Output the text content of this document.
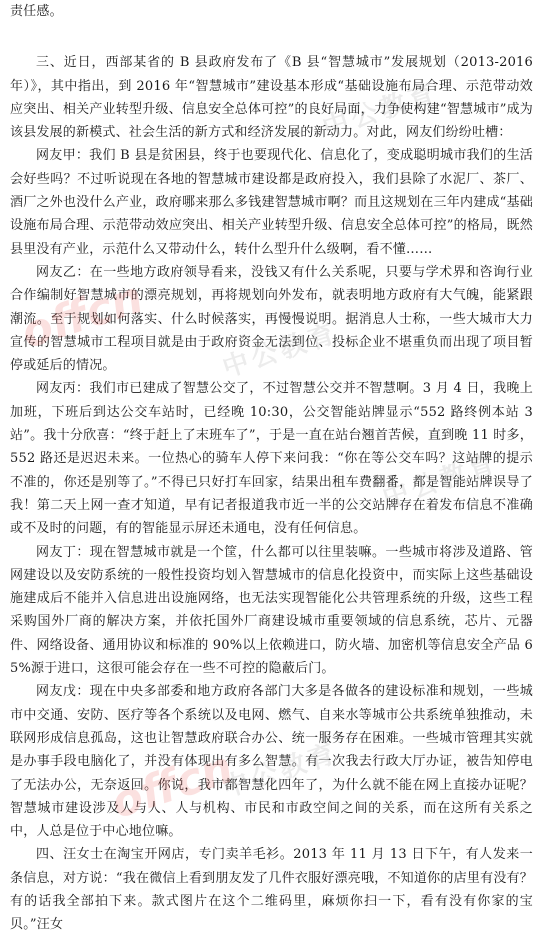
责任感。

三、近日，西部某省的 B 县政府发布了《B 县“智慧城市”发展规划（2013-2016 年）》，其中指出，到 2016 年“智慧城市”建设基本形成“基础设施布局合理、示范带动效应突出、相关产业转型升级、信息安全总体可控”的良好局面，力争使构建“智慧城市”成为该县发展的新模式、社会生活的新方式和经济发展的新动力。对此，网友们纷纷吐槽：

网友甲：我们 B 县是贫困县，终于也要现代化、信息化了，变成聪明城市我们的生活会好些吗？不过听说现在各地的智慧城市建设都是政府投入，我们县除了水泥厂、茶厂、酒厂之外也没什么产业，政府哪来那么多钱建智慧城市啊？而且这规划在三年内建成“基础设施布局合理、示范带动效应突出、相关产业转型升级、信息安全总体可控”的格局，既然县里没有产业，示范什么又带动什么，转什么型升什么级啊，看不懂……

网友乙：在一些地方政府领导看来，没钱又有什么关系呢，只要与学术界和咨询行业合作编制好智慧城市的漂亮规划，再将规划向外发布，就表明地方政府有大气魄，能紧跟潮流。至于规划如何落实、什么时候落实，再慢慢说明。据消息人士称，一些大城市大力宣传的智慧城市工程项目就是由于政府资金无法到位、投标企业不堪重负而出现了项目暂停或延后的情况。

网友丙：我们市已建成了智慧公交了，不过智慧公交并不智慧啊。3 月 4 日，我晚上加班，下班后到达公交车站时，已经晚 10:30，公交智能站牌显示“552 路终例本站 3 站”。我十分欣喜：“终于赶上了末班车了”，于是一直在站台翘首苦候，直到晚 11 时多，552 路还是迟迟未来。一位热心的骑车人停下来问我：“你在等公交车吗？这站牌的提示不准的，你还是别等了。”不得已只好打车回家，结果出租车费翻番，都是智能站牌误导了我！第二天上网一查才知道，早有记者报道我市近一半的公交站牌存在着发布信息不准确或不及时的问题，有的智能显示屏还未通电，没有任何信息。

网友丁：现在智慧城市就是一个筐，什么都可以往里装嘛。一些城市将涉及道路、管网建设以及安防系统的一般性投资均划入智慧城市的信息化投资中，而实际上这些基础设施建成后不能并入信息进出设施网络，也无法实现智能化公共管理系统的升级，这些工程采购国外厂商的解决方案，并依托国外厂商建设城市重要领域的信息系统，芯片、元器件、网络设备、通用协议和标准的 90%以上依赖进口，防火墙、加密机等信息安全产品 65%源于进口，这很可能会存在一些不可控的隐蔽后门。

网友戊：现在中央多部委和地方政府各部门大多是各做各的建设标准和规划，一些城市中交通、安防、医疗等各个系统以及电网、燃气、自来水等城市公共系统单独推动，未联网形成信息孤岛，这也让智慧政府联合办公、统一服务存在困难。一些城市管理其实就是办事手段电脑化了，并没有体现出有多么智慧。有一次我去行政大厅办证，被告知停电了无法办公，无奈返回。你说，我市都智慧化四年了，为什么就不能在网上直接办证呢？智慧城市建设涉及人与人、人与机构、市民和市政空间之间的关系，而在这所有关系之中，人总是位于中心地位嘛。

四、汪女士在淘宝开网店，专门卖羊毛衫。2013 年 11 月 13 日下午，有人发来一条信息，对方说：“我在微信上看到朋友发了几件衣服好漂亮哦，不知道你的店里有没有？有的话我全部拍下来。款式图片在这个二维码里，麻烦你扫一下，看有没有你家的宝贝。”汪女

offcn
中公教育
中公教育
中公教育
offcn
中公教育
